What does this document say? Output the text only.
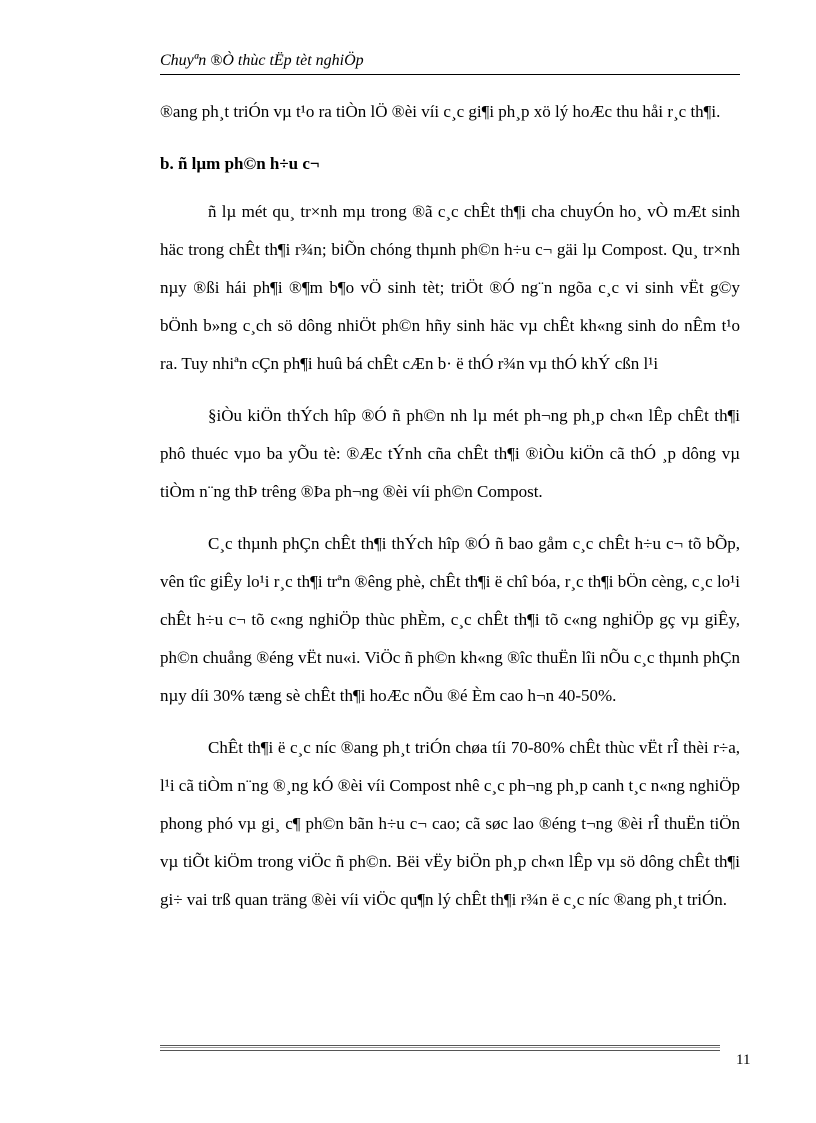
Chuyªn ®Ò thùc tËp tèt nghiÖp

®ang ph¸t triÓn vµ t¹o ra tiÒn lÖ ®èi víi c¸c gi¶i ph¸p xö lý hoÆc thu håi r¸c th¶i.

b. ñ lµm ph©n h÷u c¬

ñ lµ mét qu¸ tr×nh mµ trong ®ã c¸c chÊt th¶i cha chuyÓn ho¸ vÒ mÆt sinh häc trong chÊt th¶i r¾n; biÕn chóng thµnh ph©n h÷u c¬ gäi lµ Compost. Qu¸ tr×nh nµy ®ßi hái ph¶i ®¶m b¶o vÖ sinh tèt; triÖt ®Ó ng¨n ngõa c¸c vi sinh vËt g©y bÖnh b»ng c¸ch sö dông nhiÖt ph©n hñy sinh häc vµ chÊt kh«ng sinh do nÊm t¹o ra. Tuy nhiªn cÇn ph¶i huû bá chÊt cÆn b· ë thÓ r¾n vµ thÓ khÝ cßn l¹i

§iÒu kiÖn thÝch hîp ®Ó ñ ph©n nh lµ mét ph¬ng ph¸p ch«n lÊp chÊt th¶i phô thuéc vµo ba yÕu tè: ®Æc tÝnh cña chÊt th¶i ®iÒu kiÖn cã thÓ ¸p dông vµ tiÒm n¨ng thÞ trêng ®Þa ph¬ng ®èi víi ph©n Compost.

C¸c thµnh phÇn chÊt th¶i thÝch hîp ®Ó ñ bao gåm c¸c chÊt h÷u c¬ tõ bÕp, vên tîc giÊy lo¹i r¸c th¶i trªn ®êng phè, chÊt th¶i ë chî bóa, r¸c th¶i bÖn cèng, c¸c lo¹i chÊt h÷u c¬ tõ c«ng nghiÖp thùc phÈm, c¸c chÊt th¶i tõ c«ng nghiÖp gç vµ giÊy, ph©n chuång ®éng vËt nu«i. ViÖc ñ ph©n kh«ng ®îc thuËn lîi nÕu c¸c thµnh phÇn nµy díi 30% tæng sè chÊt th¶i hoÆc nÕu ®é Èm cao h¬n 40-50%.

ChÊt th¶i ë c¸c níc ®ang ph¸t triÓn chøa tíi 70-80% chÊt thùc vËt rÎ thèi r÷a, l¹i cã tiÒm n¨ng ®¸ng kÓ ®èi víi Compost nhê c¸c ph¬ng ph¸p canh t¸c n«ng nghiÖp phong phó vµ gi¸ c¶ ph©n bãn h÷u c¬ cao; cã søc lao ®éng t¬ng ®èi rÎ thuËn tiÖn vµ tiÕt kiÖm trong viÖc ñ ph©n. Bëi vËy biÖn ph¸p ch«n lÊp vµ sö dông chÊt th¶i gi÷ vai trß quan träng ®èi víi viÖc qu¶n lý chÊt th¶i r¾n ë c¸c níc ®ang ph¸t triÓn.

11
